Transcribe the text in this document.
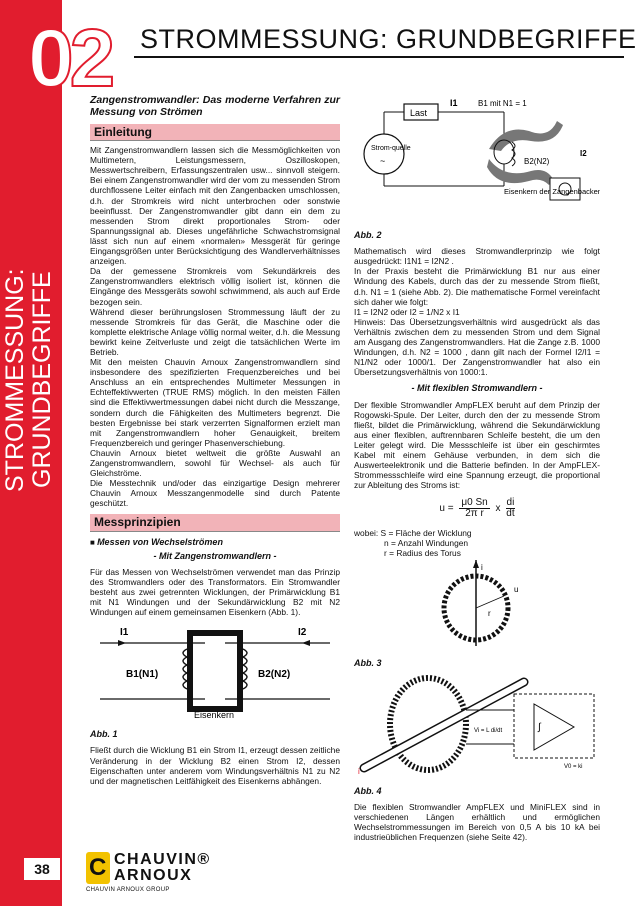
02 STROMMESSUNG: GRUNDBEGRIFFE
STROMMESSUNG: GRUNDBEGRIFFE
38
Zangenstromwandler: Das moderne Verfahren zur Messung von Strömen
Einleitung

Mit Zangenstromwandlern lassen sich die Messmöglichkeiten von Multimetern, Leistungsmessern, Oszilloskopen, Messwertschreibern, Erfassungszentralen usw... sinnvoll steigern. Bei einem Zangenstromwandler wird der vom zu messenden Strom durchflossene Leiter einfach mit den Zangenbacken umschlossen, d.h. der Stromkreis wird nicht unterbrochen oder sonstwie beeinflusst. Der Zangenstromwandler gibt dann ein dem zu messenden Strom direkt proportionales Strom- oder Spannungssignal ab. Dieses ungefährliche Schwachstromsignal lässt sich nun auf einem «normalen» Messgerät für geringe Eingangsgrößen unter Berücksichtigung des Wandlerverhältnisses anzeigen.

Da der gemessene Stromkreis vom Sekundärkreis des Zangenstromwandlers elektrisch völlig isoliert ist, können die Eingänge des Messgeräts sowohl schwimmend, als auch auf Erde bezogen sein.

Während dieser berührungslosen Strommessung läuft der zu messende Stromkreis für das Gerät, die Maschine oder die komplette elektrische Anlage völlig normal weiter, d.h. die Messung bewirkt keine Zeitverluste und zeigt die tatsächlichen Werte im Betrieb.

Mit den meisten Chauvin Arnoux Zangenstromwandlern sind insbesondere des spezifizierten Frequenzbereiches und bei Anschluss an ein entsprechendes Multimeter Messungen in Echteffektivwerten (TRUE RMS) möglich. In den meisten Fällen sind die Effektivwertmessungen dabei nicht durch die Messzange, sondern durch die Fähigkeiten des Multimeters begrenzt. Die besten Ergebnisse bei stark verzerrten Signalformen erzielt man mit Zangenstromwandlern hoher Genauigkeit, breitem Frequenzbereich und geringer Phasenverschiebung.

Chauvin Arnoux bietet weltweit die größte Auswahl an Zangenstromwandlern, sowohl für Wechsel- als auch für Gleichströme.

Die Messtechnik und/oder das einzigartige Design mehrerer Chauvin Arnoux Messzangenmodelle sind durch Patente geschützt.

Messprinzipien
■ Messen von Wechselströmen
- Mit Zangenstromwandlern -

Für das Messen von Wechselströmen verwendet man das Prinzip des Stromwandlers oder des Transformators. Ein Stromwandler besteht aus zwei getrennten Wicklungen, der Primärwicklung B1 mit N1 Windungen und der Sekundärwicklung B2 mit N2 Windungen auf einem gemeinsamen Eisenkern (Abb. 1).

I1	I2
B1(N1)	B2(N2)
Eisenkern
Abb. 1

Fließt durch die Wicklung B1 ein Strom I1, erzeugt dessen zeitliche Veränderung in der Wicklung B2 einen Strom I2, dessen Eigenschaften unter anderem vom Windungsverhältnis N1 zu N2 und der magnetischen Leitfähigkeit des Eisenkerns abhängen.

Last
I1	B1 mit N1 = 1
Strom-quelle
~	B2(N2)
I2
Eisenkern der Zangenbacken
Abb. 2

Mathematisch wird dieses Stromwandlerprinzip wie folgt ausgedrückt: I1N1 = I2N2 .

In der Praxis besteht die Primärwicklung B1 nur aus einer Windung des Kabels, durch das der zu messende Strom fließt, d.h. N1 = 1 (siehe Abb. 2). Die mathematische Formel vereinfacht sich daher wie folgt:

I1 = I2N2 oder I2 = 1/N2 x I1

Hinweis: Das Übersetzungsverhältnis wird ausgedrückt als das Verhältnis zwischen dem zu messenden Strom und dem Signal am Ausgang des Zangenstromwandlers. Hat die Zange z.B. 1000 Windungen, d.h. N2 = 1000 , dann gilt nach der Formel I2/I1 = N1/N2 oder 1000/1. Der Zangenstromwandler hat also ein Übersetzungsverhältnis von 1000:1.

- Mit flexiblen Stromwandlern -

Der flexible Stromwandler AmpFLEX beruht auf dem Prinzip der Rogowski-Spule. Der Leiter, durch den der zu messende Strom fließt, bildet die Primärwicklung, während die Sekundärwicklung aus einer flexiblen, auftrennbaren Schleife besteht, die um den Leiter gelegt wird. Die Messschleife ist über ein geschirmtes Kabel mit einem Gehäuse verbunden, in dem sich die Auswerteelektronik und die Batterie befinden. In der AmpFLEX-Strommessschleife wird eine Spannung erzeugt, die proportional zur Ableitung des Stroms ist:

$u = \frac{\mu 0 Sn}{\text{2π r}}$ x $\frac{di}{dt}$
wobei: S = Fläche der Wicklung
n = Anzahl Windungen
r = Radius des Torus
i
r
u
Abb. 3
i
∫
Vi = L di/dt
V0 = ki
Abb. 4

Die flexiblen Stromwandler AmpFLEX und MiniFLEX sind in verschiedenen Längen erhältlich und ermöglichen Wechselstrommessungen im Bereich von 0,5 A bis 10 kA bei industrieüblichen Frequenzen (siehe Seite 42).

C CHAUVIN®
ARNOUX
CHAUVIN ARNOUX GROUP
